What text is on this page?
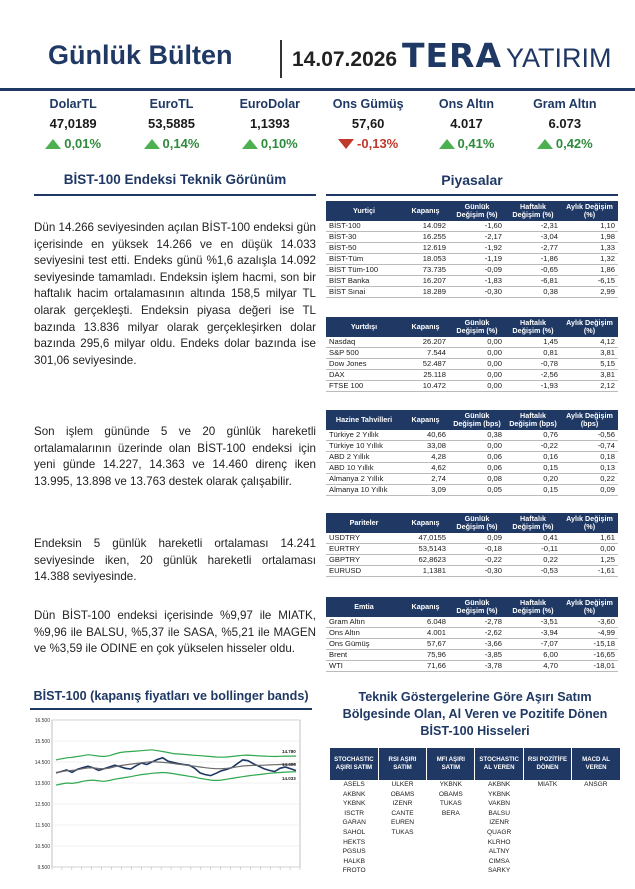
Günlük Bülten	14.07.2026 TERA YATIRIM
DolarTL
47,0189
0,01%
EuroTL
53,5885
0,14%
EuroDolar
1,1393
0,10%
Ons Gümüş
57,60
-0,13%
Ons Altın
4.017
0,41%
Gram Altın
6.073
0,42%
BİST-100 Endeksi Teknik Görünüm
Dün 14.266 seviyesinden açılan BİST-100 endeksi gün içerisinde en yüksek 14.266 ve en düşük 14.033 seviyesini test etti. Endeks günü %1,6 azalışla 14.092 seviyesinde tamamladı. Endeksin işlem hacmi, son bir haftalık hacim ortalamasının altında 158,5 milyar TL olarak gerçekleşti. Endeksin piyasa değeri ise TL bazında 13.836 milyar olarak gerçekleşirken dolar bazında 295,6 milyar oldu. Endeks dolar bazında ise 301,06 seviyesinde.
Son işlem gününde 5 ve 20 günlük hareketli ortalamalarının üzerinde olan BİST-100 endeksi için yeni günde 14.227, 14.363 ve 14.460 direnç iken 13.995, 13.898 ve 13.763 destek olarak çalışabilir.
Endeksin 5 günlük hareketli ortalaması 14.241 seviyesinde iken, 20 günlük hareketli ortalaması 14.388 seviyesinde.
Dün BİST-100 endeksi içerisinde %9,97 ile MIATK, %9,96 ile BALSU, %5,37 ile SASA, %5,21 ile MAGEN ve %3,59 ile ODINE en çok yükselen hisseler oldu.
Piyasalar
Yurtiçi	Kapanış	Günlük Değişim (%)	Haftalık Değişim (%)	Aylık Değişim (%)
BİST-100	14.092	-1,60	-2,31	1,10
BİST-30	16.255	-2,17	-3,04	1,98
BİST-50	12.619	-1,92	-2,77	1,33
BİST-Tüm	18.053	-1,19	-1,86	1,32
BİST Tüm-100	73.735	-0,09	-0,65	1,86
BİST Banka	16.207	-1,83	-6,81	-6,15
BİST Sınai	18.289	-0,30	0,38	2,99
Yurtdışı	Kapanış	Günlük Değişim (%)	Haftalık Değişim (%)	Aylık Değişim (%)
Nasdaq	26.207	0,00	1,45	4,12
S&P 500	7.544	0,00	0,81	3,81
Dow Jones	52.487	0,00	-0,78	5,15
DAX	25.118	0,00	-2,56	3,81
FTSE 100	10.472	0,00	-1,93	2,12
Hazine Tahvilleri	Kapanış	Günlük Değişim (bps)	Haftalık Değişim (bps)	Aylık Değişim (bps)
Türkiye 2 Yıllık	40,66	0,38	0,76	-0,56
Türkiye 10 Yıllık	33,08	0,00	-0,22	-0,74
ABD 2 Yıllık	4,28	0,06	0,16	0,18
ABD 10 Yıllık	4,62	0,06	0,15	0,13
Almanya 2 Yıllık	2,74	0,08	0,20	0,22
Almanya 10 Yıllık	3,09	0,05	0,15	0,09
Pariteler	Kapanış	Günlük Değişim (%)	Haftalık Değişim (%)	Aylık Değişim (%)
USDTRY	47,0155	0,09	0,41	1,61
EURTRY	53,5143	-0,18	-0,11	0,00
GBPTRY	62,8623	-0,22	0,22	1,25
EURUSD	1,1381	-0,30	-0,53	-1,61
Emtia	Kapanış	Günlük Değişim (%)	Haftalık Değişim (%)	Aylık Değişim (%)
Gram Altın	6.048	-2,78	-3,51	-3,60
Ons Altın	4.001	-2,62	-3,94	-4,99
Ons Gümüş	57,67	-3,66	-7,07	-15,18
Brent	75,96	-3,85	6,00	-16,65
WTI	71,66	-3,78	4,70	-18,01
BİST-100 (kapanış fiyatları ve bollinger bands)
16.500
15.500
14.500
13.500
12.500
11.500
10.500
9.500
14.780
14.406
14.033
Teknik Göstergelerine Göre Aşırı Satım Bölgesinde Olan, Al Veren ve Pozitife Dönen BİST-100 Hisseleri
STOCHASTIC AŞIRI SATIM	RSI AŞIRI SATIM	MFI AŞIRI SATIM	STOCHASTIC AL VEREN	RSI POZİTİFE DÖNEN	MACD AL VEREN
ASELS	ULKER	YKBNK	AKBNK	MIATK	ANSGR
AKBNK	OBAMS	OBAMS	YKBNK		
YKBNK	IZENR	TUKAS	VAKBN		
ISCTR	CANTE	BERA	BALSU		
GARAN	EUREN		IZENR		
SAHOL	TUKAS		QUAGR		
HEKTS			KLRHO		
PGSUS			ALTNY		
HALKB			CIMSA		
FROTO			SARKY		
